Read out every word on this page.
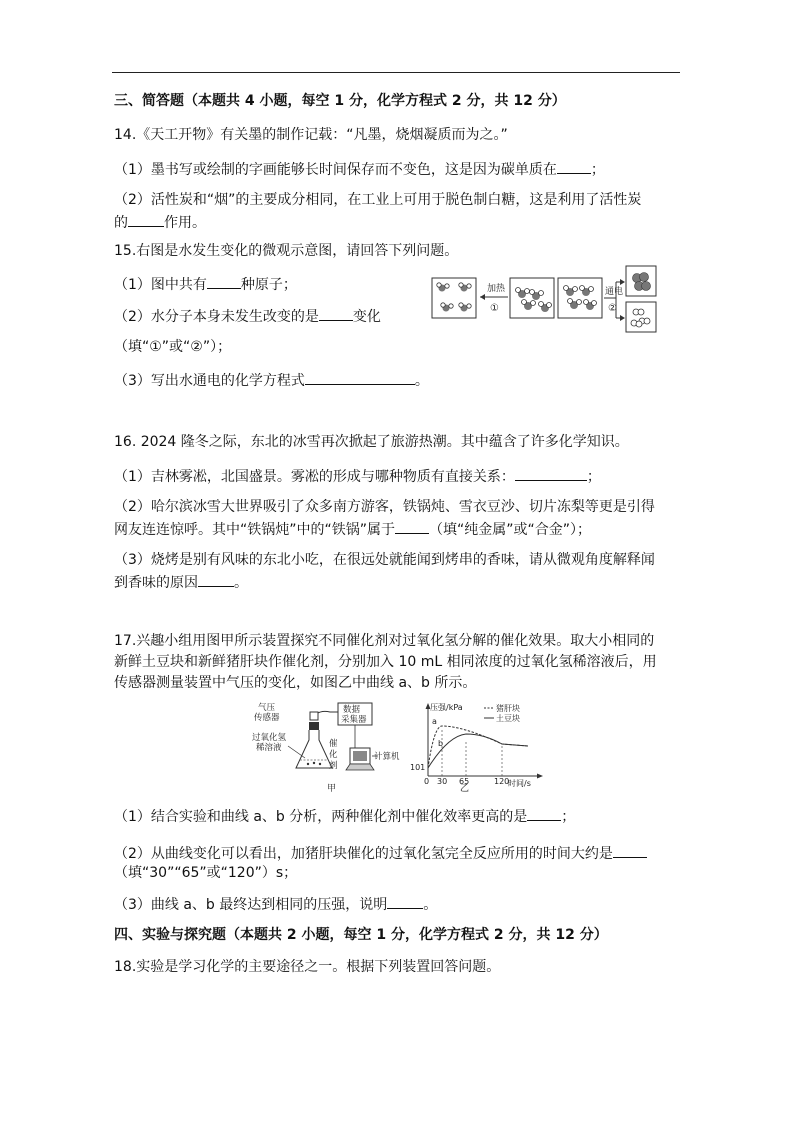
三、简答题（本题共 4 小题，每空 1 分，化学方程式 2 分，共 12 分）
14.《天工开物》有关墨的制作记载：“凡墨，烧烟凝质而为之。”
（1）墨书写或绘制的字画能够长时间保存而不变色，这是因为碳单质在 ；
（2）活性炭和“烟”的主要成分相同，在工业上可用于脱色制白糖，这是利用了活性炭
的	作用。
15.右图是水发生变化的微观示意图，请回答下列问题。
（1）图中共有 种原子；
（2）水分子本身未发生改变的是 变化
（填“①”或“②”）；
（3）写出水通电的化学方程式	。
加热
①
通电
②
16. 2024 隆冬之际，东北的冰雪再次掀起了旅游热潮。其中蕴含了许多化学知识。
（1）吉林雾凇，北国盛景。雾凇的形成与哪种物质有直接关系：	；
（2）哈尔滨冰雪大世界吸引了众多南方游客，铁锅炖、雪衣豆沙、切片冻梨等更是引得
网友连连惊呼。其中“铁锅炖”中的“铁锅”属于 （填“纯金属”或“合金”）；
（3）烧烤是别有风味的东北小吃，在很远处就能闻到烤串的香味，请从微观角度解释闻
到香味的原因	。
17.兴趣小组用图甲所示装置探究不同催化剂对过氧化氢分解的催化效果。取大小相同的
新鲜土豆块和新鲜猪肝块作催化剂，分别加入 10 mL 相同浓度的过氧化氢稀溶液后，用
传感器测量装置中气压的变化，如图乙中曲线 a、b 所示。
气压
传感器
数据
采集器
过氧化氢
稀溶液	催
化
剂
计算机
甲
压强/kPa
时间/s
101
0 30 65	120
a
b
猪肝块
土豆块
乙
（1）结合实验和曲线 a、b 分析，两种催化剂中催化效率更高的是 ；
（2）从曲线变化可以看出，加猪肝块催化的过氧化氢完全反应所用的时间大约是
（填“30”“65”或“120”）s；
（3）曲线 a、b 最终达到相同的压强，说明	。
四、实验与探究题（本题共 2 小题，每空 1 分，化学方程式 2 分，共 12 分）
18.实验是学习化学的主要途径之一。根据下列装置回答问题。
